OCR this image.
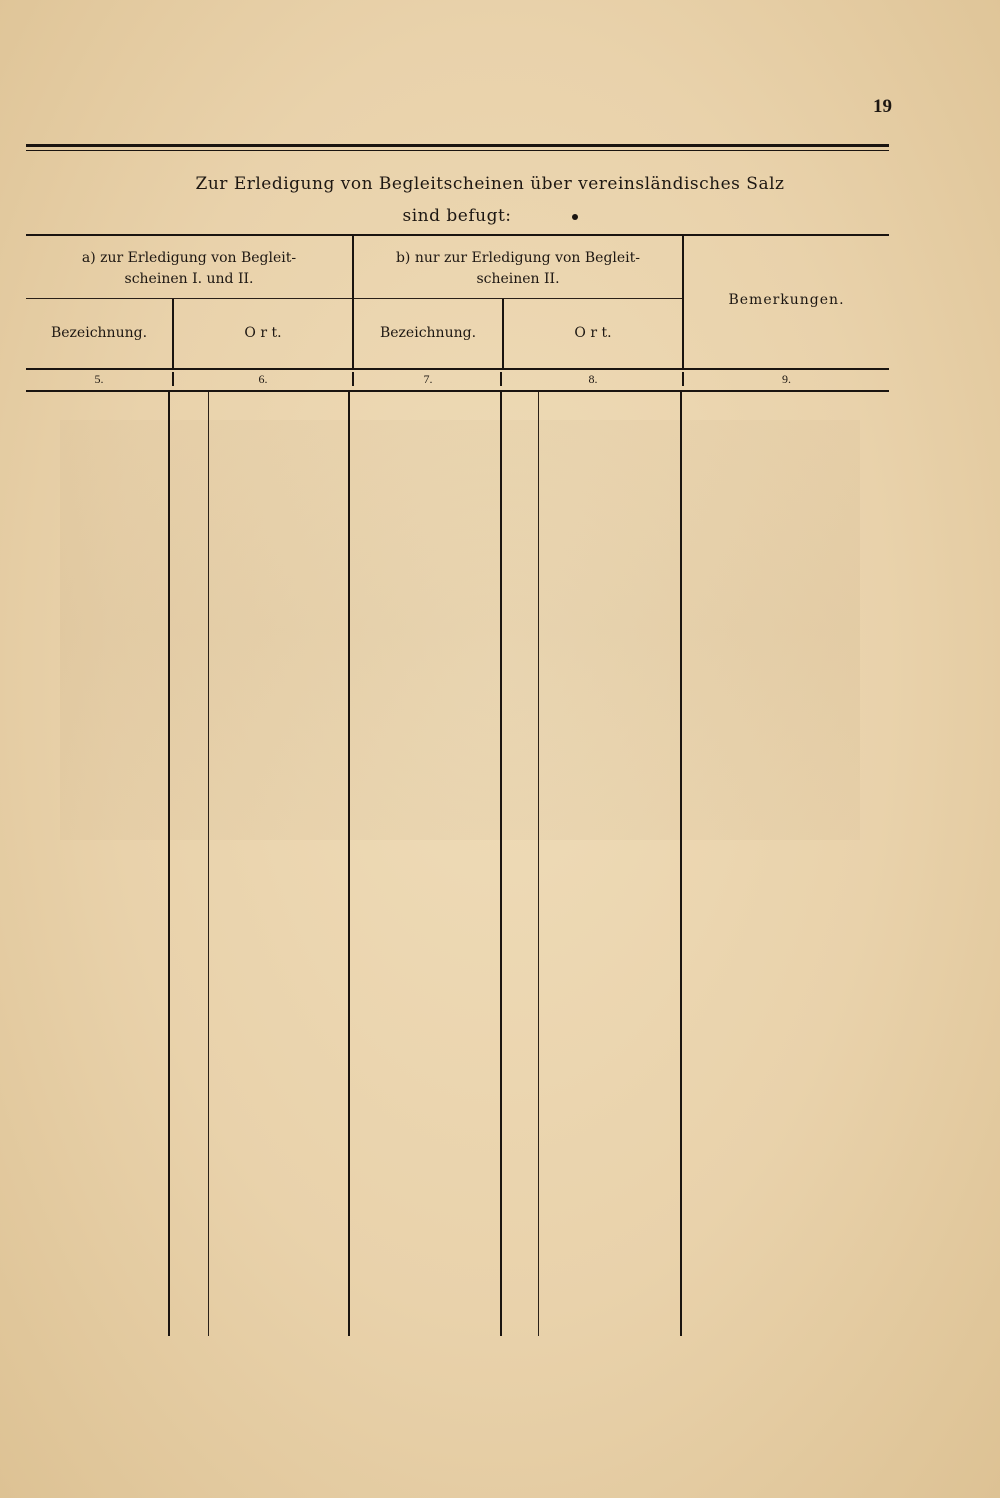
19
Zur Erledigung von Begleitscheinen über vereinsländisches Salz
sind befugt:
a) zur Erledigung von Begleit-
scheinen I. und II.
b) nur zur Erledigung von Begleit-
scheinen II.
Bemerkungen.
Bezeichnung.	O r t.	Bezeichnung.	O r t.
5.	6.	7.	8.	9.
